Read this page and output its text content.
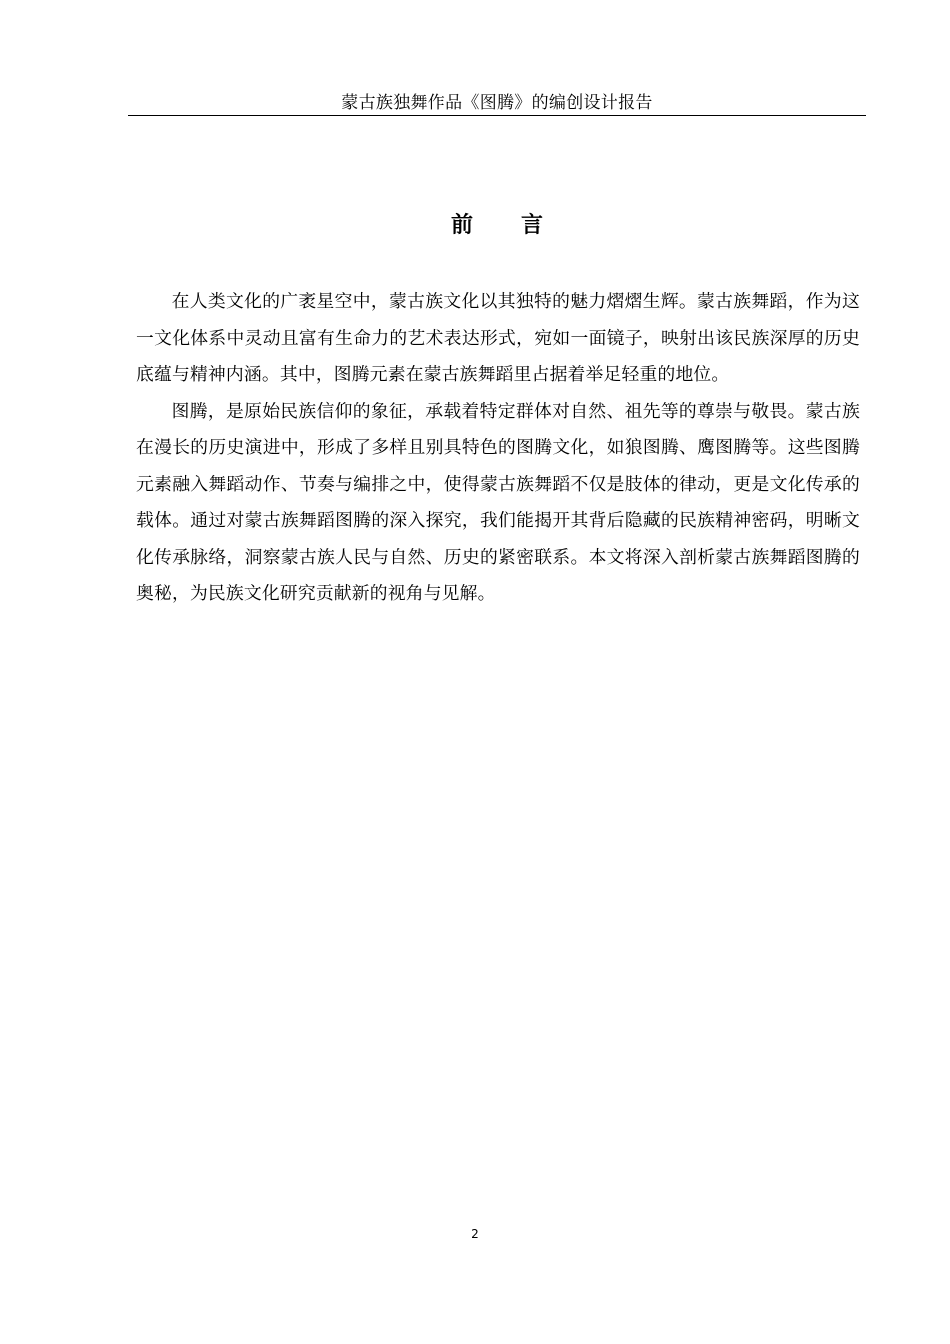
蒙古族独舞作品《图腾》的编创设计报告
前言

在人类文化的广袤星空中，蒙古族文化以其独特的魅力熠熠生辉。蒙古族舞蹈，作为这一文化体系中灵动且富有生命力的艺术表达形式，宛如一面镜子，映射出该民族深厚的历史底蕴与精神内涵。其中，图腾元素在蒙古族舞蹈里占据着举足轻重的地位。

图腾，是原始民族信仰的象征，承载着特定群体对自然、祖先等的尊崇与敬畏。蒙古族在漫长的历史演进中，形成了多样且别具特色的图腾文化，如狼图腾、鹰图腾等。这些图腾元素融入舞蹈动作、节奏与编排之中，使得蒙古族舞蹈不仅是肢体的律动，更是文化传承的载体。通过对蒙古族舞蹈图腾的深入探究，我们能揭开其背后隐藏的民族精神密码，明晰文化传承脉络，洞察蒙古族人民与自然、历史的紧密联系。本文将深入剖析蒙古族舞蹈图腾的奥秘，为民族文化研究贡献新的视角与见解。

2
